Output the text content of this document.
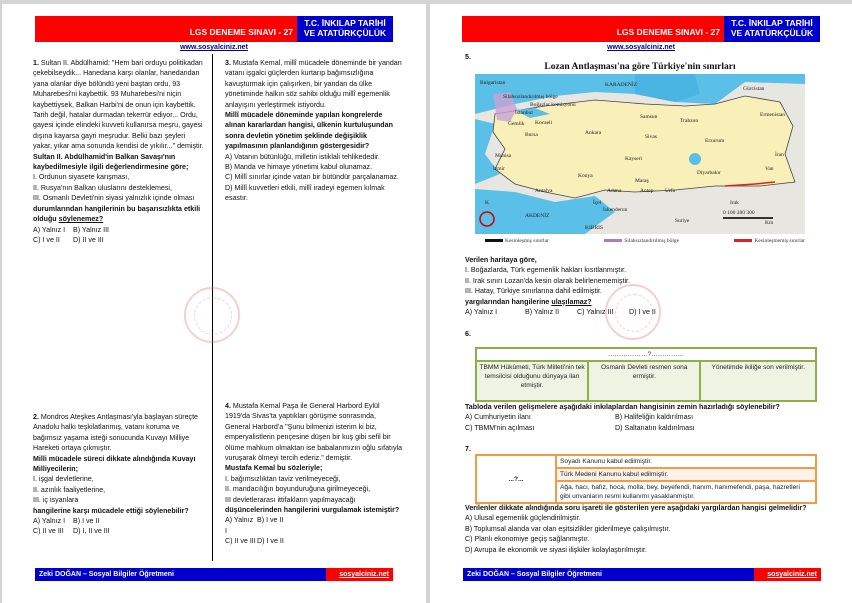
LGS DENEME SINAVI - 27
T.C. İNKILAP TARİHİ
VE ATATÜRKÇÜLÜK
www.sosyalciniz.net
1. Sultan II. Abdülhamid: "Hem bari orduyu politikadan çekebilseydik... Hanedana karşı olanlar, hanedandan yana olanlar diye bölündü yeni baştan ordu, 93 Muharebesi'ni kaybettik. 93 Muharebesi'ni niçin kaybettiysek, Balkan Harbi'ni de onun için kaybettik. Tarih değil, hatalar durmadan tekerrür ediyor... Ordu, gayesi içinde elindeki kuvveti kullanırsa meşru, gayesi dışına kayarsa gayri meşrudur. Belki bazı şeyleri yakar, yıkar ama sonunda kendisi de yıkılır..." demiştir.
Sultan II. Abdülhamid'in Balkan Savaşı'nın kaybedilmesiyle ilgili değerlendirmesine göre;
I. Ordunun siyasete karışması,
II. Rusya'nın Balkan uluslarını desteklemesi,
III. Osmanlı Devleti'nin siyasi yalnızlık içinde olması
durumlarından hangilerinin bu başarısızlıkta etkili olduğu söylenemez?
A) Yalnız I	B) Yalnız III
C) I ve II	D) II ve III
2. Mondros Ateşkes Antlaşması'yla başlayan süreçte Anadolu halkı teşkilatlanmış, vatanı koruma ve bağımsız yaşama isteği sonucunda Kuvayı Milliye Hareketi ortaya çıkmıştır.
Milli mücadele süreci dikkate alındığında Kuvayı Milliyecilerin;
I. işgal devletlerine,
II. azınlık faaliyetlerine,
III. iç isyanlara
hangilerine karşı mücadele ettiği söylenebilir?
A) Yalnız I	B) I ve II
C) II ve III	D) I, II ve III
3. Mustafa Kemal, millî mücadele döneminde bir yandan vatanı işgalci güçlerden kurtarıp bağımsızlığına kavuşturmak için çalışırken, bir yandan da ülke yönetiminde halkın söz sahibi olduğu millî egemenlik anlayışını yerleştirmek istiyordu.
Millî mücadele döneminde yapılan kongrelerde alınan kararlardan hangisi, ülkenin kurtuluşundan sonra devletin yönetim şeklinde değişiklik yapılmasının planlandığının göstergesidir?
A) Vatanın bütünlüğü, milletin istiklali tehlikededir.
B) Manda ve himaye yönetimi kabul olunamaz.
C) Millî sınırlar içinde vatan bir bütündür parçalanamaz.
D) Millî kuvvetleri etkili, millî iradeyi egemen kılmak esastır.
4. Mustafa Kemal Paşa ile General Harbord Eylül 1919'da Sivas'ta yaptıkları görüşme sonrasında, General Harbord'a "Şunu bilmenizi isterim ki biz, emperyalistlerin pençesine düşen bir kuş gibi sefil bir ölüme mahkum olmaktan ise babalarımızın oğlu sıfatıyla vuruşarak ölmeyi tercih ederiz." demiştir.
Mustafa Kemal bu sözleriyle;
I. bağımsızlıktan taviz verilmeyeceği,
II. mandacılığın boyunduruğuna girilmeyeceği,
III devletlerarası ittifakların yapılmayacağı
düşüncelerinden hangilerini vurgulamak istemiştir?
A) Yalnız I
B) I ve II
C) II ve III D) I ve II
LGS DENEME SINAVI - 27
T.C. İNKILAP TARİHİ
VE ATATÜRKÇÜLÜK
www.sosyalciniz.net
5.
Lozan Antlaşması'na göre Türkiye'nin sınırları
Bulgaristan	KARADENİZ
Silahsızlandırılmış bölge
Boğazlar komisyonu
İstanbul
Gemlik Kocaeli
Bursa	Ankara
Samsun
Trabzon
Gürcistan
Ermenistan
Sivas
Erzurum
Kayseri
Manisa
İzmir
Konya
İran
Van
Diyarbakır
Maraş
Antep Urfa
Antalya	Adana
İçel
İskenderun
Irak
Suriye
AKDENİZ
KIBRIS
K
0 100 200 300
Km
Kesinleşmiş sınırlar	Silahsızlandırılmış bölge	Kesinleşmemiş sınırlar
Verilen haritaya göre,
I. Boğazlarda, Türk egemenlik hakları kısıtlanmıştır.
II. Irak sınırı Lozan'da kesin olarak belirlenememiştir.
III. Hatay, Türkiye sınırlarına dahil edilmiştir.
yargılarından hangilerine ulaşılamaz?
A) Yalnız I	B) Yalnız II	C) Yalnız III	D) I ve II
6.
………………?……………
TBMM Hükûmeti, Türk Milleti'nin tek temsilcisi olduğunu dünyaya ilan etmiştir.	Osmanlı Devleti resmen sona ermiştir.	Yönetimde ikiliğe son verilmiştir.
Tabloda verilen gelişmelere aşağıdaki inkılaplardan hangisinin zemin hazırladığı söylenebilir?
A) Cumhuriyetin ilanı	B) Halifeliğin kaldırılması
C) TBMM'nin açılması	D) Saltanatın kaldırılması
7.
...?...	Soyadı Kanunu kabul edilmiştir.
Türk Medeni Kanunu kabul edilmiştir.
Ağa, hacı, hafız, hoca, molla, bey, beyefendi, hanım, hanımefendi, paşa, hazretleri gibi unvanların resmi kullanımı yasaklanmıştır.
Verilenler dikkate alındığında soru işareti ile gösterilen yere aşağıdaki yargılardan hangisi gelmelidir?
A) Ulusal egemenlik güçlendirilmiştir.
B) Toplumsal alanda var olan eşitsizlikler giderilmeye çalışılmıştır.
C) Planlı ekonomiye geçiş sağlanmıştır.
D) Avrupa ile ekonomik ve siyasi ilişkiler kolaylaştırılmıştır.
Zeki DOĞAN – Sosyal Bilgiler Öğretmeni	sosyalciniz.net
Zeki DOĞAN – Sosyal Bilgiler Öğretmeni	sosyalciniz.net
